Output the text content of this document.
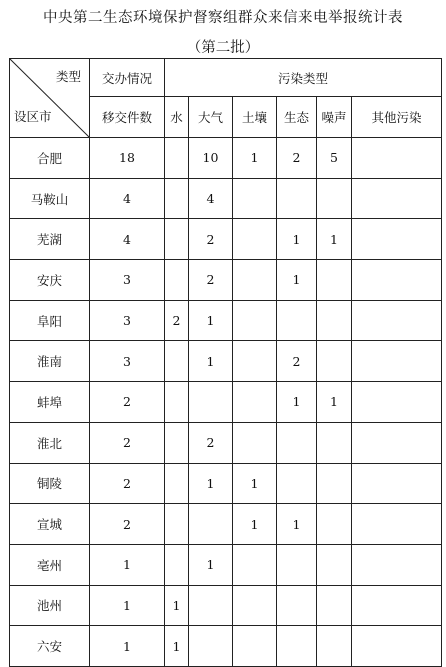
中央第二生态环境保护督察组群众来信来电举报统计表
（第二批）
类型
设区市	交办情况	污染类型					
	移交件数	水	大气	土壤	生态	噪声	其他污染
合肥	18		10	1	2	5	
马鞍山	4		4				
芜湖	4		2		1	1	
安庆	3		2		1		
阜阳	3	2	1				
淮南	3		1		2		
蚌埠	2				1	1	
淮北	2		2				
铜陵	2		1	1			
宣城	2			1	1		
亳州	1		1				
池州	1	1					
六安	1	1					
